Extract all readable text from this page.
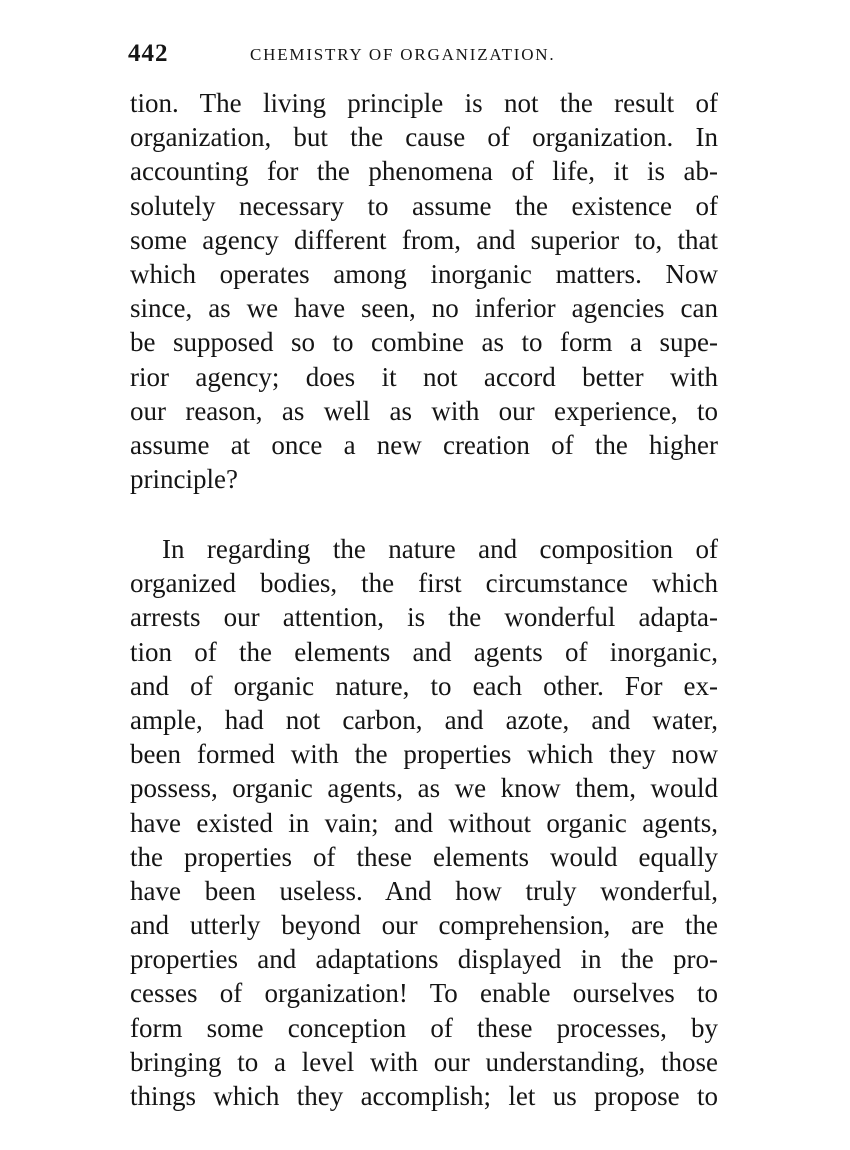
442	CHEMISTRY OF ORGANIZATION.
tion. The living principle is not the result of
organization, but the cause of organization. In
accounting for the phenomena of life, it is ab-
solutely necessary to assume the existence of
some agency different from, and superior to, that
which operates among inorganic matters. Now
since, as we have seen, no inferior agencies can
be supposed so to combine as to form a supe-
rior agency; does it not accord better with
our reason, as well as with our experience, to
assume at once a new creation of the higher
principle?
In regarding the nature and composition of
organized bodies, the first circumstance which
arrests our attention, is the wonderful adapta-
tion of the elements and agents of inorganic,
and of organic nature, to each other. For ex-
ample, had not carbon, and azote, and water,
been formed with the properties which they now
possess, organic agents, as we know them, would
have existed in vain; and without organic agents,
the properties of these elements would equally
have been useless. And how truly wonderful,
and utterly beyond our comprehension, are the
properties and adaptations displayed in the pro-
cesses of organization! To enable ourselves to
form some conception of these processes, by
bringing to a level with our understanding, those
things which they accomplish; let us propose to
